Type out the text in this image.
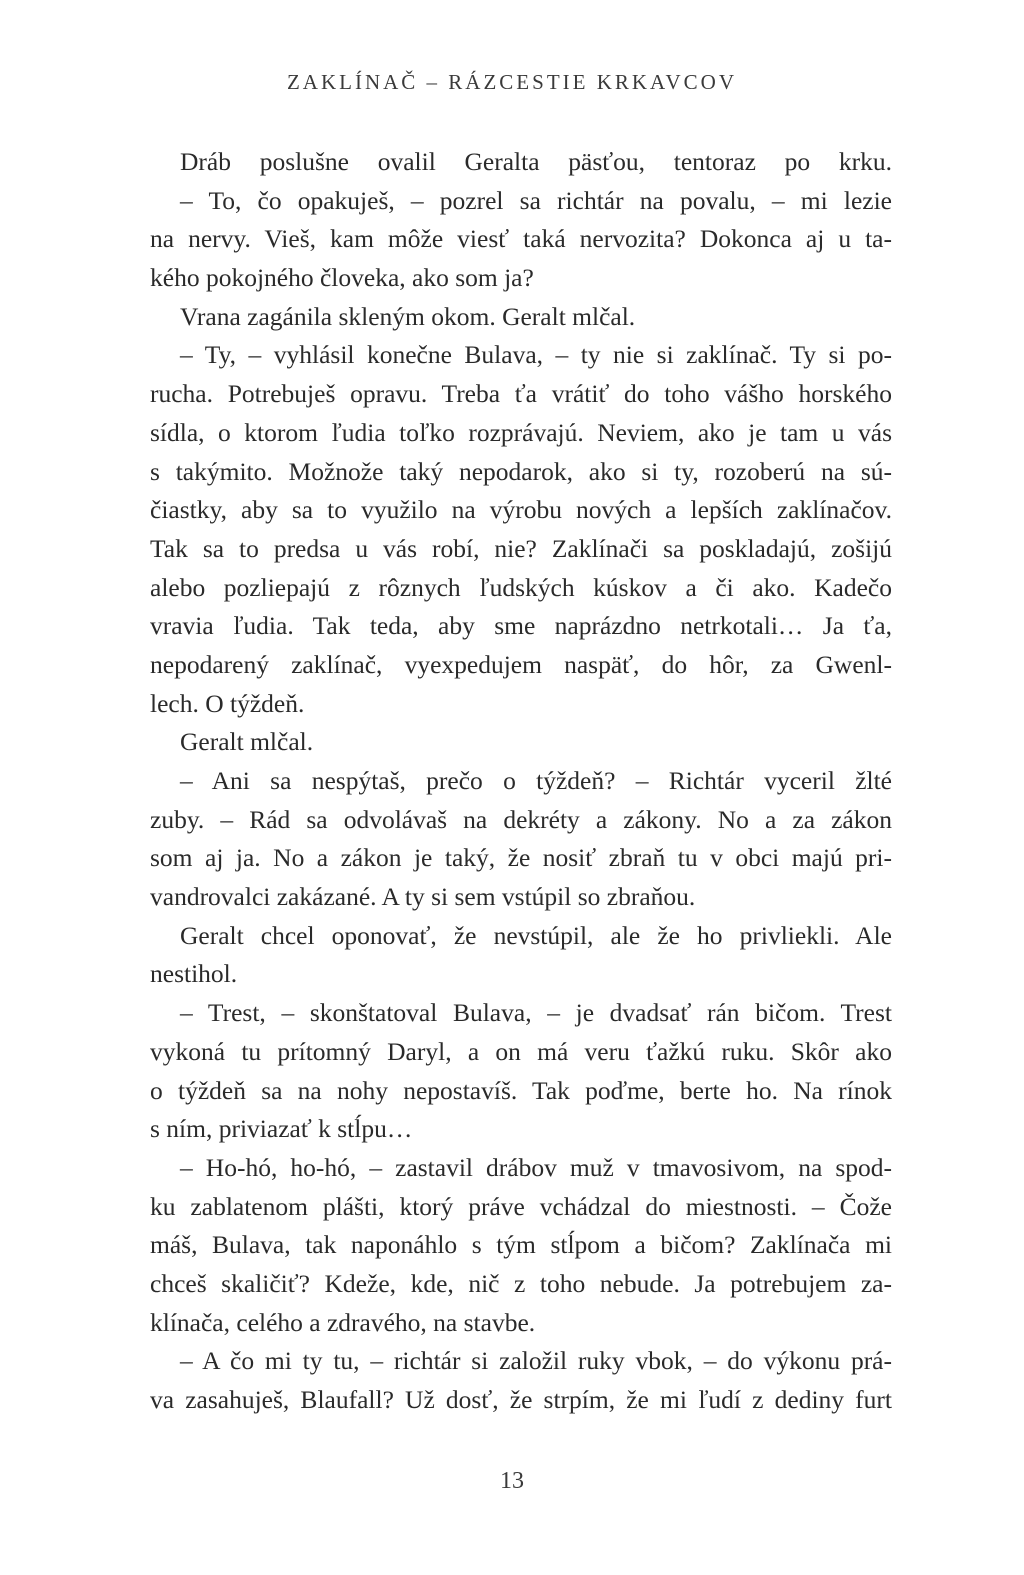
ZAKLÍNAČ – RÁZCESTIE KRKAVCOV
Dráb poslušne ovalil Geralta päsťou, tentoraz po krku.
– To, čo opakuješ, – pozrel sa richtár na povalu, – mi lezie
na nervy. Vieš, kam môže viesť taká nervozita? Dokonca aj u ta-
kého pokojného človeka, ako som ja?
Vrana zagánila skleným okom. Geralt mlčal.
– Ty, – vyhlásil konečne Bulava, – ty nie si zaklínač. Ty si po-
rucha. Potrebuješ opravu. Treba ťa vrátiť do toho vášho horského
sídla, o ktorom ľudia toľko rozprávajú. Neviem, ako je tam u vás
s takýmito. Možnože taký nepodarok, ako si ty, rozoberú na sú-
čiastky, aby sa to využilo na výrobu nových a lepších zaklínačov.
Tak sa to predsa u vás robí, nie? Zaklínači sa poskladajú, zošijú
alebo pozliepajú z rôznych ľudských kúskov a či ako. Kadečo
vravia ľudia. Tak teda, aby sme naprázdno netrkotali… Ja ťa,
nepodarený zaklínač, vyexpedujem naspäť, do hôr, za Gwenl-
lech. O týždeň.
Geralt mlčal.
– Ani sa nespýtaš, prečo o týždeň? – Richtár vyceril žlté
zuby. – Rád sa odvolávaš na dekréty a zákony. No a za zákon
som aj ja. No a zákon je taký, že nosiť zbraň tu v obci majú pri-
vandrovalci zakázané. A ty si sem vstúpil so zbraňou.
Geralt chcel oponovať, že nevstúpil, ale že ho privliekli. Ale
nestihol.
– Trest, – skonštatoval Bulava, – je dvadsať rán bičom. Trest
vykoná tu prítomný Daryl, a on má veru ťažkú ruku. Skôr ako
o týždeň sa na nohy nepostavíš. Tak poďme, berte ho. Na rínok
s ním, priviazať k stĺpu…
– Ho-hó, ho-hó, – zastavil drábov muž v tmavosivom, na spod-
ku zablatenom plášti, ktorý práve vchádzal do miestnosti. – Čože
máš, Bulava, tak naponáhlo s tým stĺpom a bičom? Zaklínača mi
chceš skaličiť? Kdeže, kde, nič z toho nebude. Ja potrebujem za-
klínača, celého a zdravého, na stavbe.
– A čo mi ty tu, – richtár si založil ruky vbok, – do výkonu prá-
va zasahuješ, Blaufall? Už dosť, že strpím, že mi ľudí z dediny furt
13
